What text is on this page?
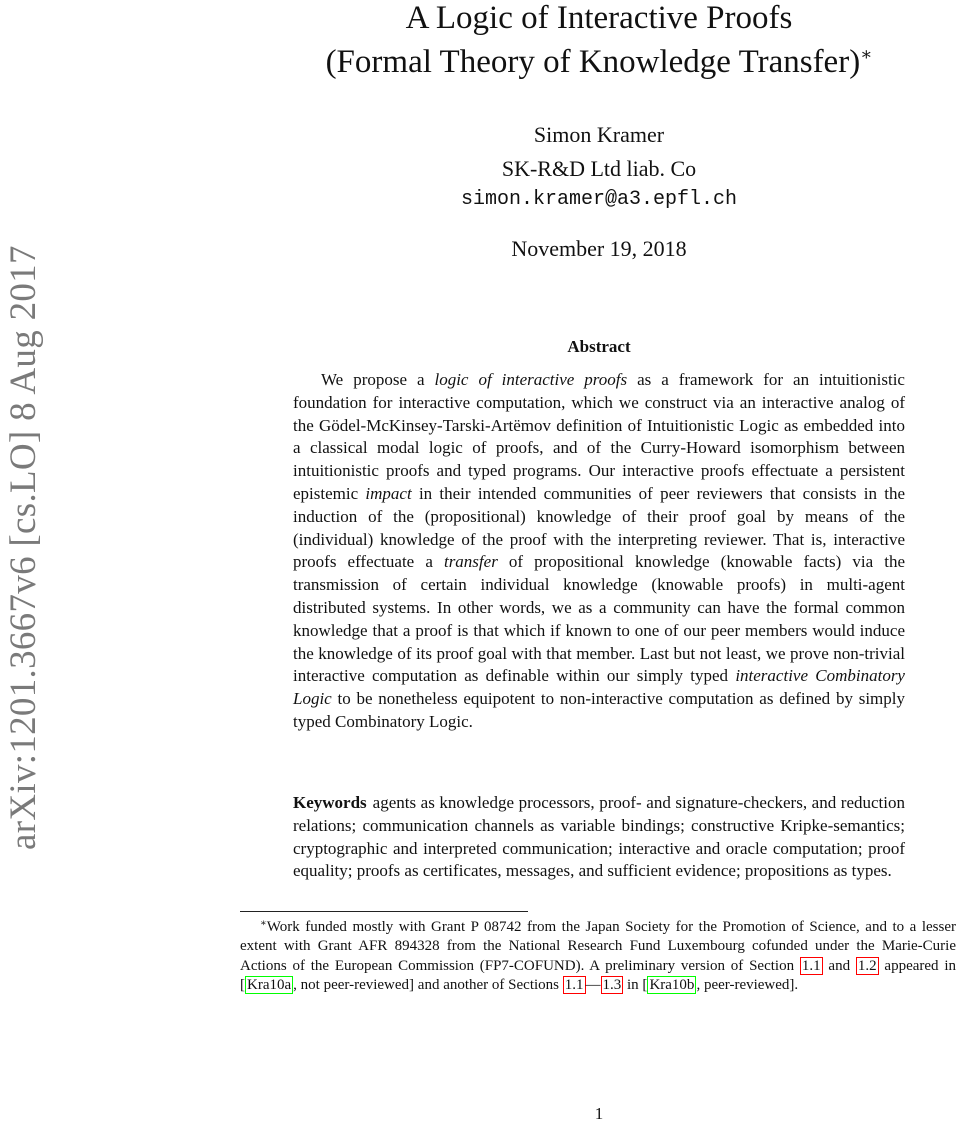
arXiv:1201.3667v6 [cs.LO] 8 Aug 2017
A Logic of Interactive Proofs
(Formal Theory of Knowledge Transfer)∗
Simon Kramer
SK-R&D Ltd liab. Co
simon.kramer@a3.epfl.ch
November 19, 2018
Abstract

We propose a logic of interactive proofs as a framework for an intuitionistic foundation for interactive computation, which we construct via an interactive analog of the Gödel-McKinsey-Tarski-Artëmov definition of Intuitionistic Logic as embedded into a classical modal logic of proofs, and of the Curry-Howard isomorphism between intuitionistic proofs and typed programs. Our interactive proofs effectuate a persistent epistemic impact in their intended communities of peer reviewers that consists in the induction of the (propositional) knowledge of their proof goal by means of the (individual) knowledge of the proof with the interpreting reviewer. That is, interactive proofs effectuate a transfer of propositional knowledge (knowable facts) via the transmission of certain individual knowledge (knowable proofs) in multi-agent distributed systems. In other words, we as a community can have the formal common knowledge that a proof is that which if known to one of our peer members would induce the knowledge of its proof goal with that member. Last but not least, we prove non-trivial interactive computation as definable within our simply typed interactive Combinatory Logic to be nonetheless equipotent to non-interactive computation as defined by simply typed Combinatory Logic.

Keywords agents as knowledge processors, proof- and signature-checkers, and reduction relations; communication channels as variable bindings; constructive Kripke-semantics; cryptographic and interpreted communication; interactive and oracle computation; proof equality; proofs as certificates, messages, and sufficient evidence; propositions as types.

∗Work funded mostly with Grant P 08742 from the Japan Society for the Promotion of Science, and to a lesser extent with Grant AFR 894328 from the National Research Fund Luxembourg cofunded under the Marie-Curie Actions of the European Commission (FP7-COFUND). A preliminary version of Section 1.1 and 1.2 appeared in [ Kra10a , not peer-reviewed] and another of Sections 1.1 — 1.3 in [ Kra10b , peer-reviewed].

1
